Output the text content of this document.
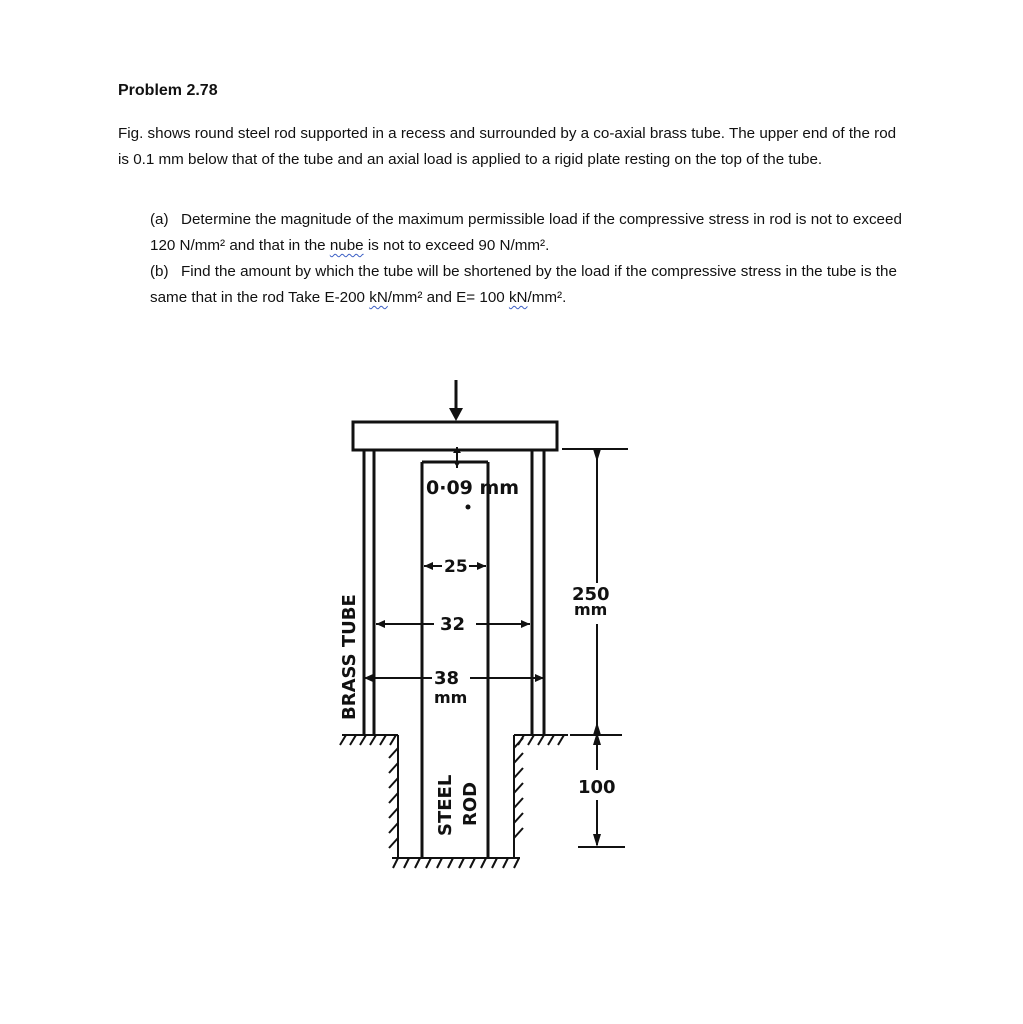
Problem 2.78

Fig. shows round steel rod supported in a recess and surrounded by a co-axial brass tube. The upper end of the rod is 0.1 mm below that of the tube and an axial load is applied to a rigid plate resting on the top of the tube.

(a) Determine the magnitude of the maximum permissible load if the compressive stress in rod is not to exceed 120 N/mm² and that in the nube is not to exceed 90 N/mm².

(b) Find the amount by which the tube will be shortened by the load if the compressive stress in the tube is the same that in the rod Take E-200 kN/mm² and E= 100 kN/mm².

0·09 mm
25
32
38
mm
250
mm
100
BRASS TUBE
STEEL ROD
